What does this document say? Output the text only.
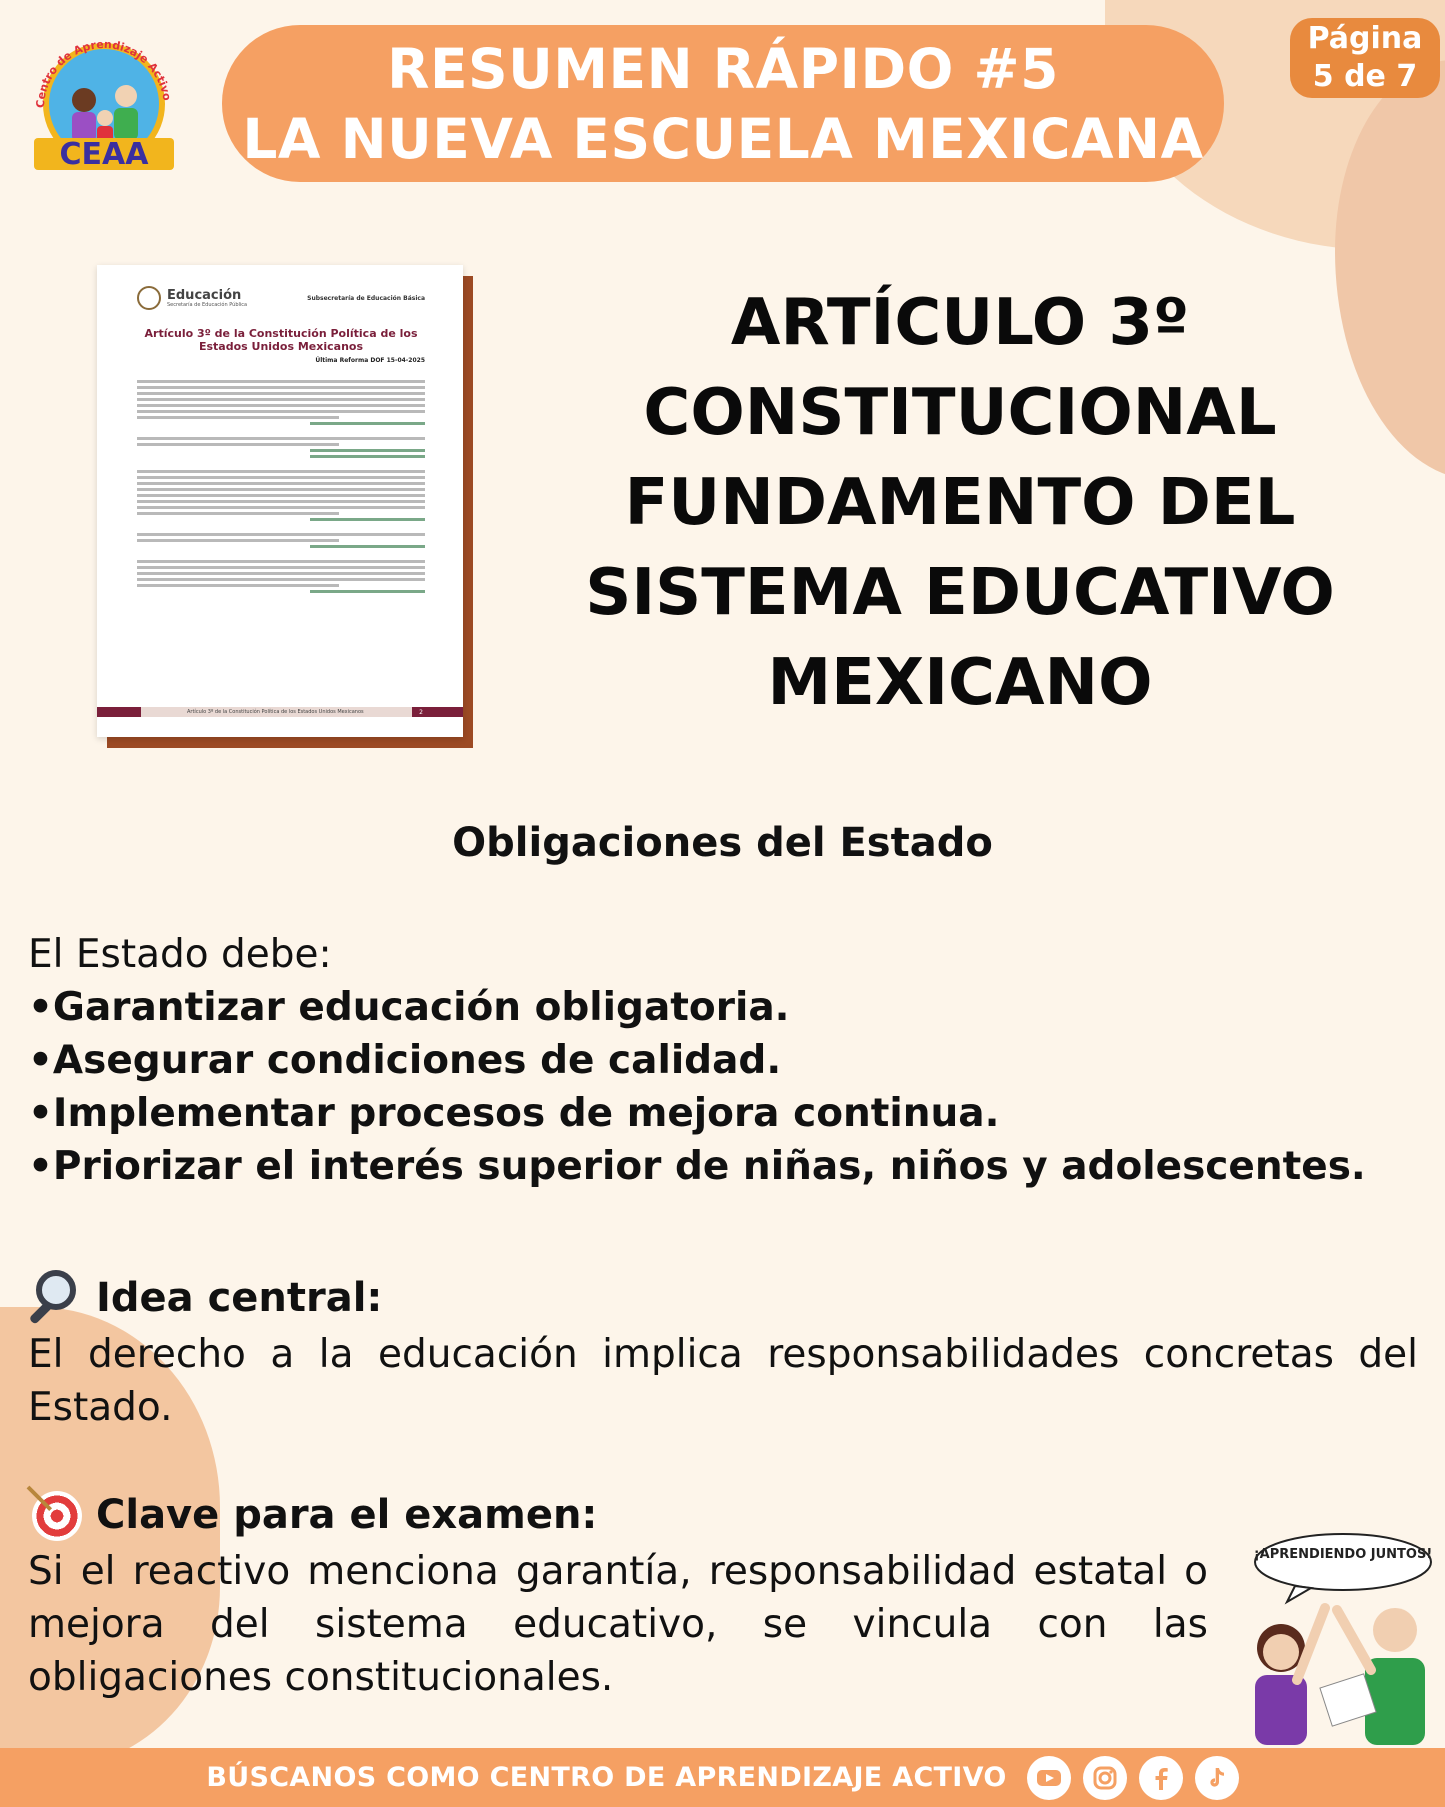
Centro de Aprendizaje Activo
CEAA
RESUMEN RÁPIDO #5
LA NUEVA ESCUELA MEXICANA
Página
5 de 7
Educación
Secretaría de Educación Pública
Subsecretaría de Educación Básica
Artículo 3º de la Constitución Política de los Estados Unidos Mexicanos
Última Reforma DOF 15-04-2025
Artículo 3º de la Constitución Política de los Estados Unidos Mexicanos	2
ARTÍCULO 3º
CONSTITUCIONAL
FUNDAMENTO DEL
SISTEMA EDUCATIVO
MEXICANO
Obligaciones del Estado
El Estado debe:
•Garantizar educación obligatoria.
•Asegurar condiciones de calidad.
•Implementar procesos de mejora continua.
•Priorizar el interés superior de niñas, niños y adolescentes.
Idea central:
El derecho a la educación implica responsabilidades concretas del Estado.
Clave para el examen:
Si el reactivo menciona garantía, responsabilidad estatal o mejora del sistema educativo, se vincula con las obligaciones constitucionales.
¡APRENDIENDO JUNTOS!
BÚSCANOS COMO CENTRO DE APRENDIZAJE ACTIVO
